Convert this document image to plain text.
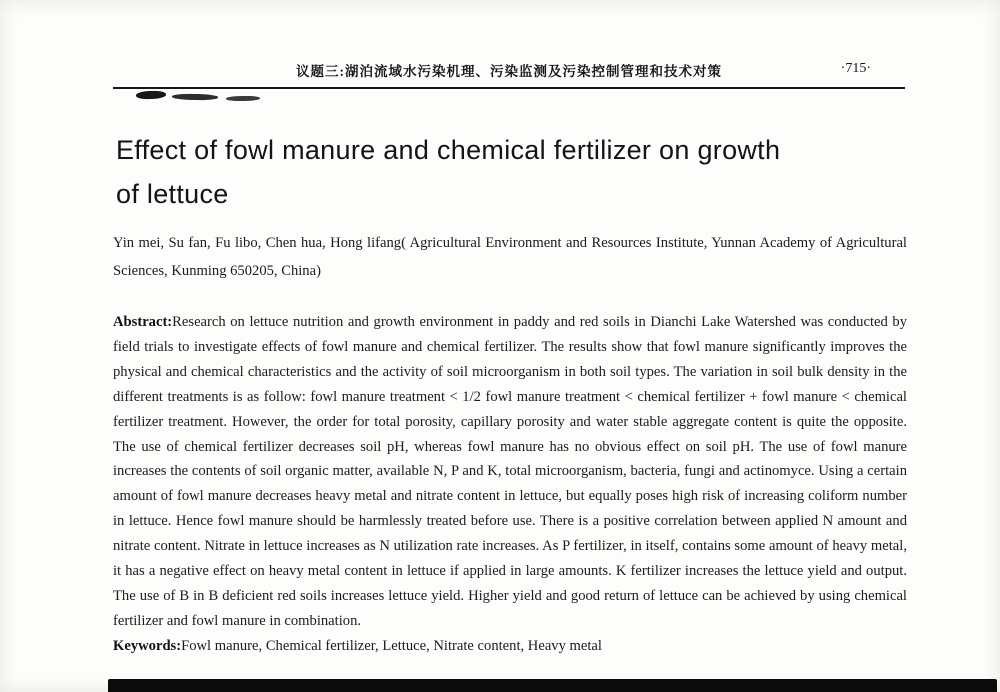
议题三:湖泊流域水污染机理、污染监测及污染控制管理和技术对策	·715·
Effect of fowl manure and chemical fertilizer on growth
of lettuce

Yin mei, Su fan, Fu libo, Chen hua, Hong lifang( Agricultural Environment and Resources Institute, Yunnan Academy of Agricultural Sciences, Kunming 650205, China)

Abstract:Research on lettuce nutrition and growth environment in paddy and red soils in Dianchi Lake Watershed was conducted by field trials to investigate effects of fowl manure and chemical fertilizer. The results show that fowl manure significantly improves the physical and chemical characteristics and the activity of soil microorganism in both soil types. The variation in soil bulk density in the different treatments is as follow: fowl manure treatment < 1/2 fowl manure treatment < chemical fertilizer + fowl manure < chemical fertilizer treatment. However, the order for total porosity, capillary porosity and water stable aggregate content is quite the opposite. The use of chemical fertilizer decreases soil pH, whereas fowl manure has no obvious effect on soil pH. The use of fowl manure increases the contents of soil organic matter, available N, P and K, total microorganism, bacteria, fungi and actinomyce. Using a certain amount of fowl manure decreases heavy metal and nitrate content in lettuce, but equally poses high risk of increasing coliform number in lettuce. Hence fowl manure should be harmlessly treated before use. There is a positive correlation between applied N amount and nitrate content. Nitrate in lettuce increases as N utilization rate increases. As P fertilizer, in itself, contains some amount of heavy metal, it has a negative effect on heavy metal content in lettuce if applied in large amounts. K fertilizer increases the lettuce yield and output. The use of B in B deficient red soils increases lettuce yield. Higher yield and good return of lettuce can be achieved by using chemical fertilizer and fowl manure in combination.

Keywords:Fowl manure, Chemical fertilizer, Lettuce, Nitrate content, Heavy metal
